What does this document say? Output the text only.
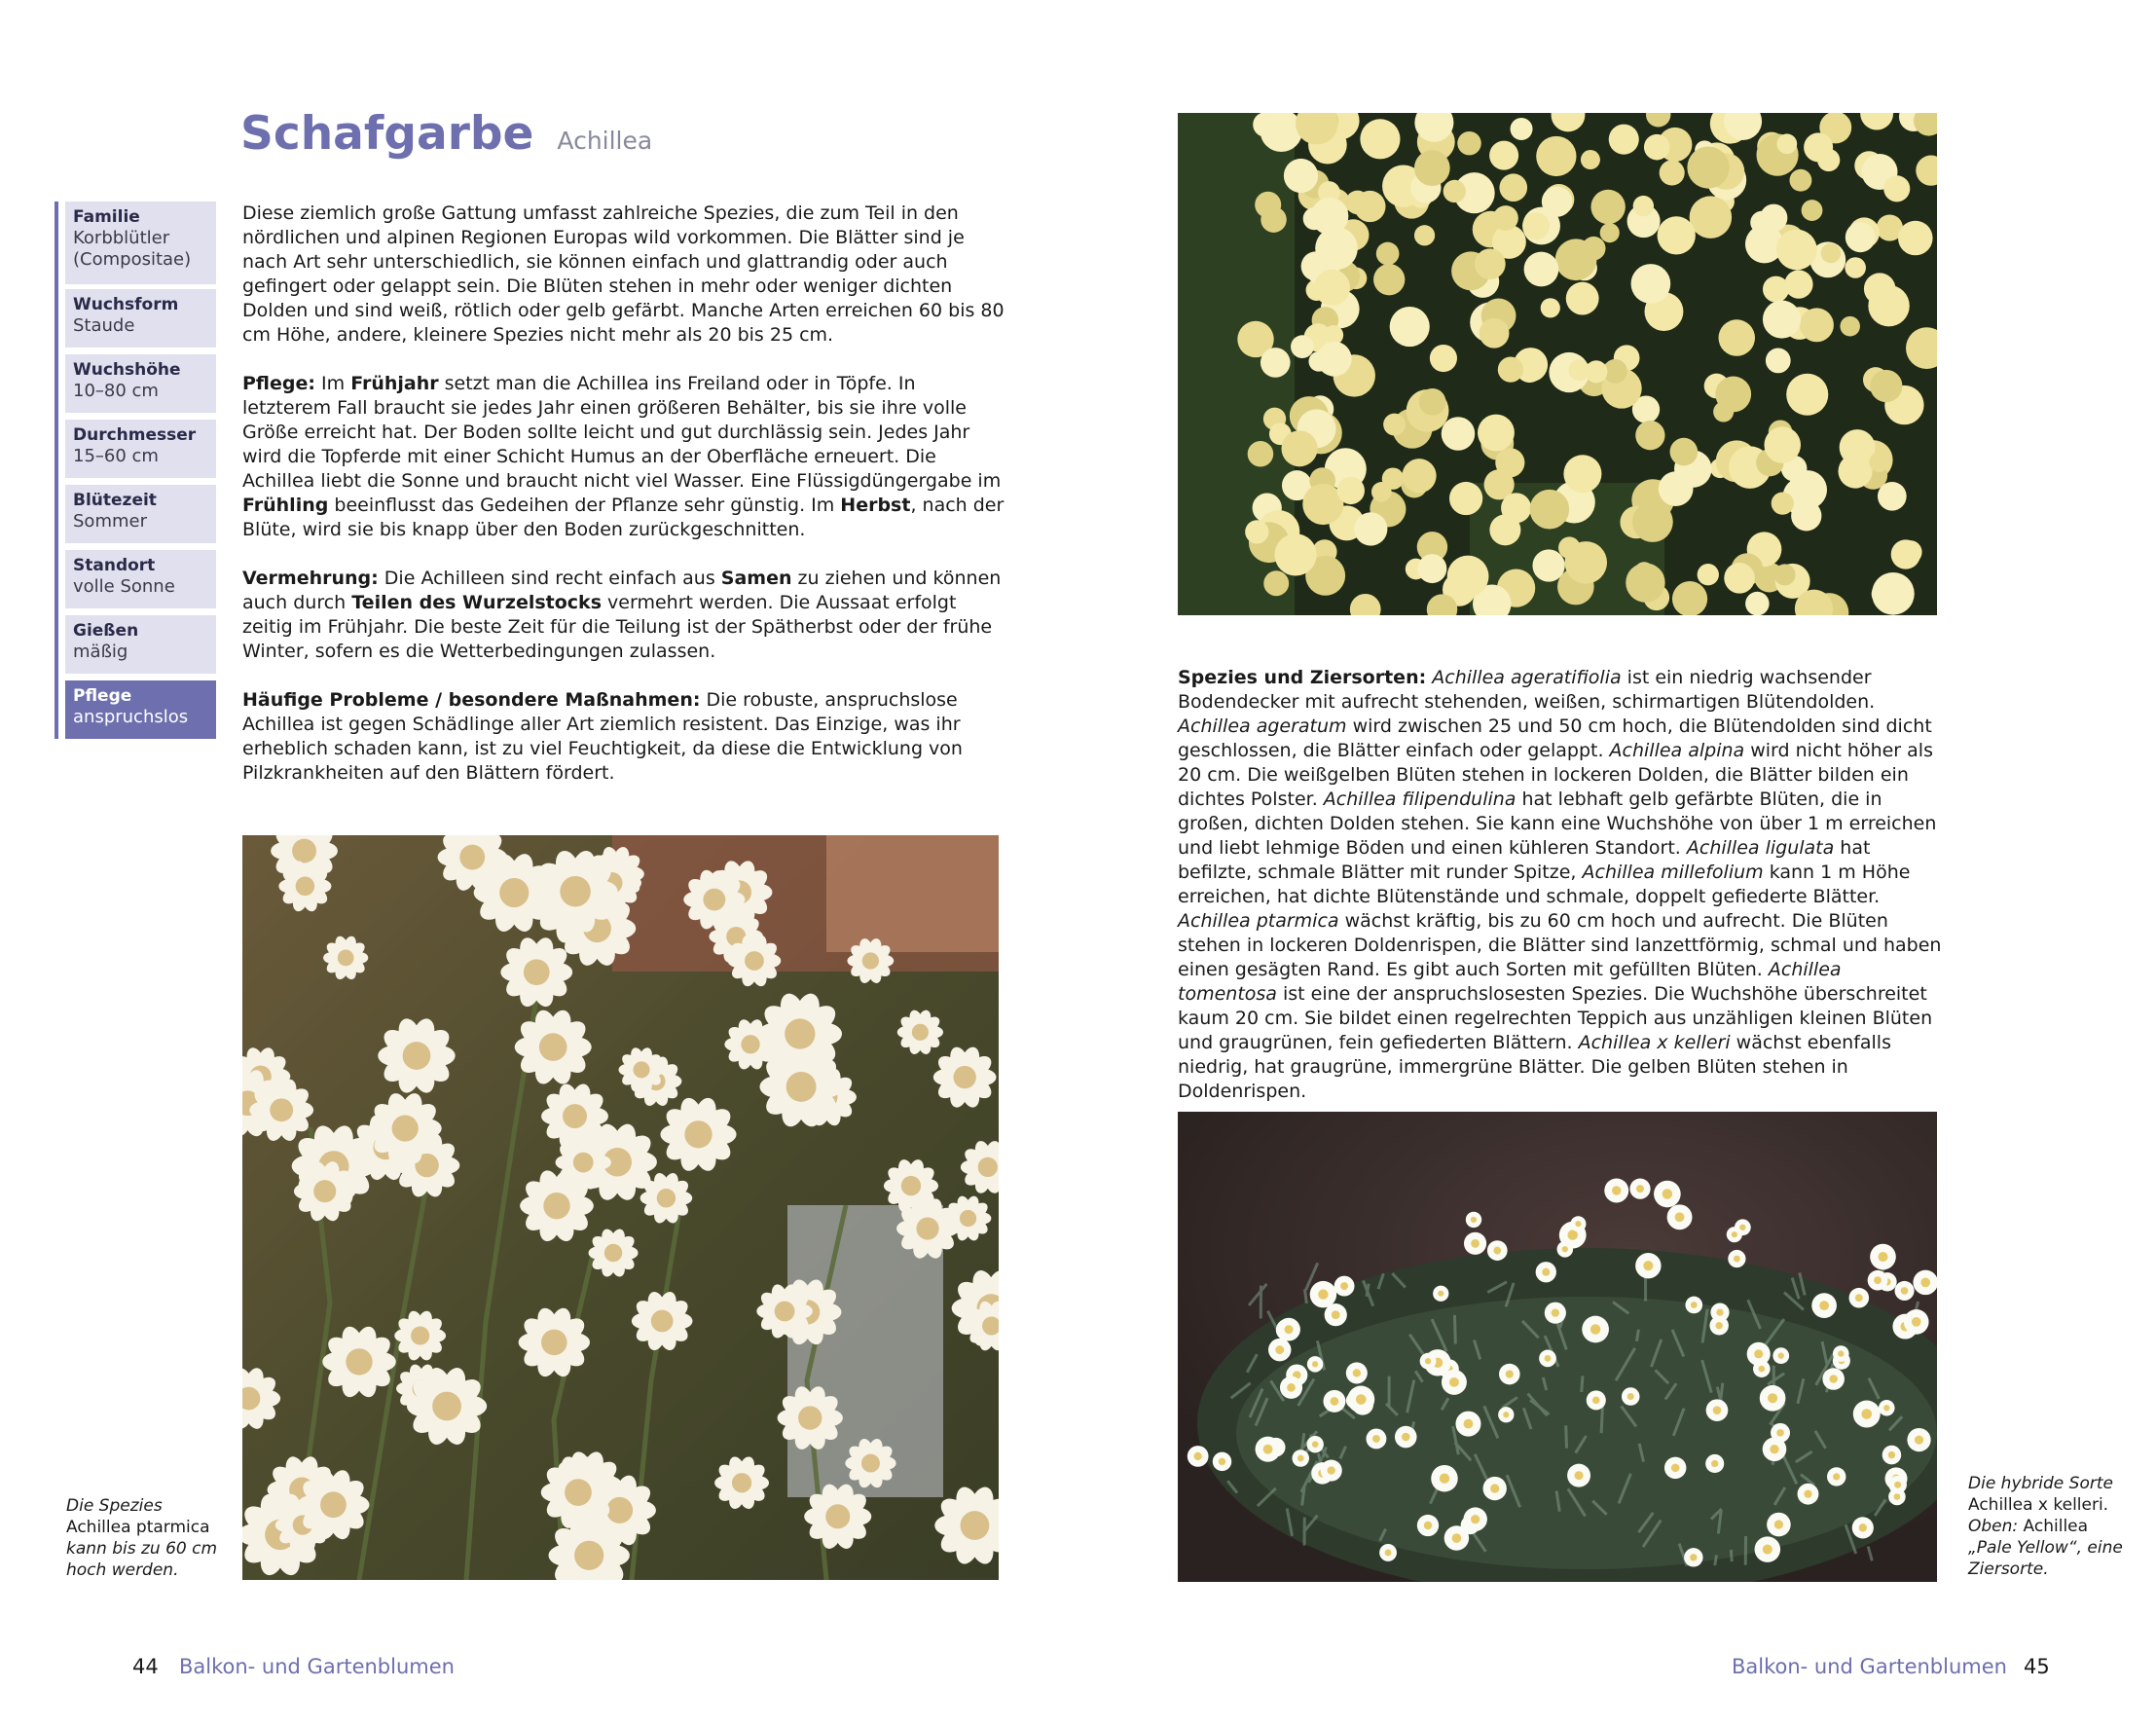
Schafgarbe Achillea
Familie
Korbblütler (Compositae)
Wuchsform
Staude
Wuchshöhe
10–80 cm
Durchmesser
15–60 cm
Blütezeit
Sommer
Standort
volle Sonne
Gießen
mäßig
Pflege
anspruchslos

Diese ziemlich große Gattung umfasst zahlreiche Spezies, die zum Teil in den nördlichen und alpinen Regionen Europas wild vorkommen. Die Blätter sind je nach Art sehr unterschiedlich, sie können einfach und glattrandig oder auch gefingert oder gelappt sein. Die Blüten stehen in mehr oder weniger dichten Dolden und sind weiß, rötlich oder gelb gefärbt. Manche Arten erreichen 60 bis 80 cm Höhe, andere, kleinere Spezies nicht mehr als 20 bis 25 cm.

Pflege: Im Frühjahr setzt man die Achillea ins Freiland oder in Töpfe. In letzterem Fall braucht sie jedes Jahr einen größeren Behälter, bis sie ihre volle Größe erreicht hat. Der Boden sollte leicht und gut durchlässig sein. Jedes Jahr wird die Topferde mit einer Schicht Humus an der Oberfläche erneuert. Die Achillea liebt die Sonne und braucht nicht viel Wasser. Eine Flüssigdüngergabe im Frühling beeinflusst das Gedeihen der Pflanze sehr günstig. Im Herbst, nach der Blüte, wird sie bis knapp über den Boden zurückgeschnitten.

Vermehrung: Die Achilleen sind recht einfach aus Samen zu ziehen und können auch durch Teilen des Wurzelstocks vermehrt werden. Die Aussaat erfolgt zeitig im Frühjahr. Die beste Zeit für die Teilung ist der Spätherbst oder der frühe Winter, sofern es die Wetterbedingungen zulassen.

Häufige Probleme / besondere Maßnahmen: Die robuste, anspruchslose Achillea ist gegen Schädlinge aller Art ziemlich resistent. Das Einzige, was ihr erheblich schaden kann, ist zu viel Feuchtigkeit, da diese die Entwicklung von Pilzkrankheiten auf den Blättern fördert.

Die Spezies Achillea ptarmica kann bis zu 60 cm hoch werden.
44 Balkon- und Gartenblumen

Spezies und Ziersorten: Achillea ageratifiolia ist ein niedrig wachsender Bodendecker mit aufrecht stehenden, weißen, schirmartigen Blütendolden. Achillea ageratum wird zwischen 25 und 50 cm hoch, die Blütendolden sind dicht geschlossen, die Blätter einfach oder gelappt. Achillea alpina wird nicht höher als 20 cm. Die weißgelben Blüten stehen in lockeren Dolden, die Blätter bilden ein dichtes Polster. Achillea filipendulina hat lebhaft gelb gefärbte Blüten, die in großen, dichten Dolden stehen. Sie kann eine Wuchshöhe von über 1 m erreichen und liebt lehmige Böden und einen kühleren Standort. Achillea ligulata hat befilzte, schmale Blätter mit runder Spitze, Achillea millefolium kann 1 m Höhe erreichen, hat dichte Blütenstände und schmale, doppelt gefiederte Blätter. Achillea ptarmica wächst kräftig, bis zu 60 cm hoch und aufrecht. Die Blüten stehen in lockeren Doldenrispen, die Blätter sind lanzettförmig, schmal und haben einen gesägten Rand. Es gibt auch Sorten mit gefüllten Blüten. Achillea tomentosa ist eine der anspruchslosesten Spezies. Die Wuchshöhe überschreitet kaum 20 cm. Sie bildet einen regelrechten Teppich aus unzähligen kleinen Blüten und graugrünen, fein gefiederten Blättern. Achillea x kelleri wächst ebenfalls niedrig, hat graugrüne, immergrüne Blätter. Die gelben Blüten stehen in Doldenrispen.

Die hybride Sorte Achillea x kelleri.
Oben: Achillea
„Pale Yellow“, eine Ziersorte.
Balkon- und Gartenblumen 45
